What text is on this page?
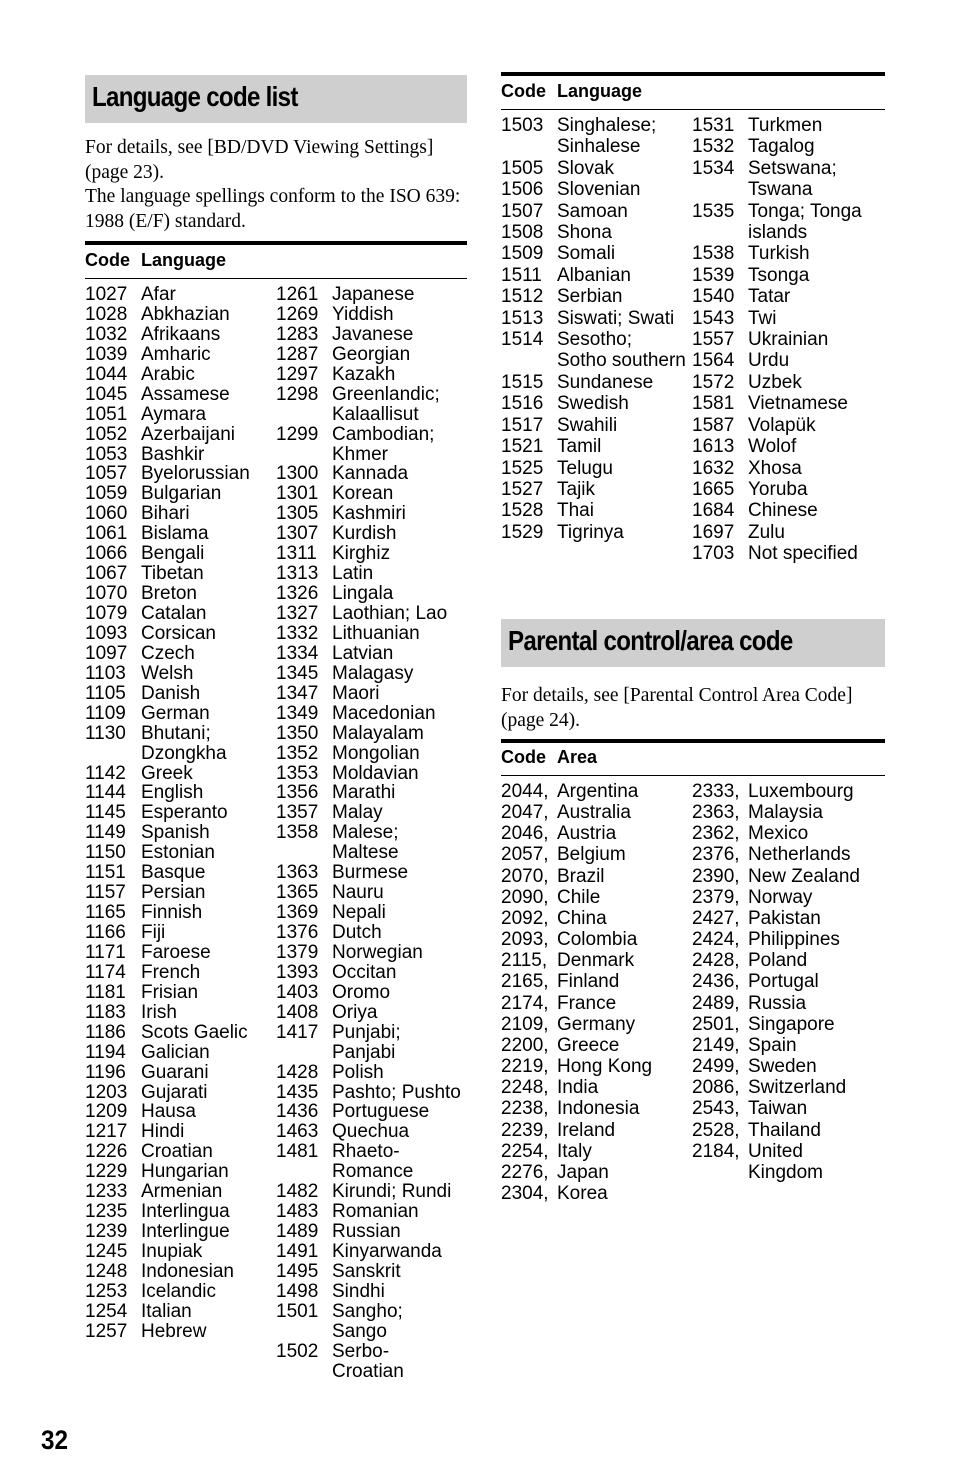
Language code list

For details, see [BD/DVD Viewing Settings] (page 23).

The language spellings conform to the ISO 639: 1988 (E/F) standard.

Code Language
1027 Afar
1028 Abkhazian
1032 Afrikaans
1039 Amharic
1044 Arabic
1045 Assamese
1051 Aymara
1052 Azerbaijani
1053 Bashkir
1057 Byelorussian
1059 Bulgarian
1060 Bihari
1061 Bislama
1066 Bengali
1067 Tibetan
1070 Breton
1079 Catalan
1093 Corsican
1097 Czech
1103 Welsh
1105 Danish
1109 German
1130 Bhutani;
Dzongkha
1142 Greek
1144 English
1145 Esperanto
1149 Spanish
1150 Estonian
1151 Basque
1157 Persian
1165 Finnish
1166 Fiji
1171 Faroese
1174 French
1181 Frisian
1183 Irish
1186 Scots Gaelic
1194 Galician
1196 Guarani
1203 Gujarati
1209 Hausa
1217 Hindi
1226 Croatian
1229 Hungarian
1233 Armenian
1235 Interlingua
1239 Interlingue
1245 Inupiak
1248 Indonesian
1253 Icelandic
1254 Italian
1257 Hebrew
1261 Japanese
1269 Yiddish
1283 Javanese
1287 Georgian
1297 Kazakh
1298 Greenlandic;
Kalaallisut
1299 Cambodian;
Khmer
1300 Kannada
1301 Korean
1305 Kashmiri
1307 Kurdish
1311 Kirghiz
1313 Latin
1326 Lingala
1327 Laothian; Lao
1332 Lithuanian
1334 Latvian
1345 Malagasy
1347 Maori
1349 Macedonian
1350 Malayalam
1352 Mongolian
1353 Moldavian
1356 Marathi
1357 Malay
1358 Malese;
Maltese
1363 Burmese
1365 Nauru
1369 Nepali
1376 Dutch
1379 Norwegian
1393 Occitan
1403 Oromo
1408 Oriya
1417 Punjabi;
Panjabi
1428 Polish
1435 Pashto; Pushto
1436 Portuguese
1463 Quechua
1481 Rhaeto-
Romance
1482 Kirundi; Rundi
1483 Romanian
1489 Russian
1491 Kinyarwanda
1495 Sanskrit
1498 Sindhi
1501 Sangho;
Sango
1502 Serbo-
Croatian
Code Language
1503 Singhalese;
Sinhalese
1505 Slovak
1506 Slovenian
1507 Samoan
1508 Shona
1509 Somali
1511 Albanian
1512 Serbian
1513 Siswati; Swati
1514 Sesotho;
Sotho southern
1515 Sundanese
1516 Swedish
1517 Swahili
1521 Tamil
1525 Telugu
1527 Tajik
1528 Thai
1529 Tigrinya
1531 Turkmen
1532 Tagalog
1534 Setswana;
Tswana
1535 Tonga; Tonga
islands
1538 Turkish
1539 Tsonga
1540 Tatar
1543 Twi
1557 Ukrainian
1564 Urdu
1572 Uzbek
1581 Vietnamese
1587 Volapük
1613 Wolof
1632 Xhosa
1665 Yoruba
1684 Chinese
1697 Zulu
1703 Not specified
Parental control/area code

For details, see [Parental Control Area Code] (page 24).

Code Area
2044, Argentina
2047, Australia
2046, Austria
2057, Belgium
2070, Brazil
2090, Chile
2092, China
2093, Colombia
2115, Denmark
2165, Finland
2174, France
2109, Germany
2200, Greece
2219, Hong Kong
2248, India
2238, Indonesia
2239, Ireland
2254, Italy
2276, Japan
2304, Korea
2333, Luxembourg
2363, Malaysia
2362, Mexico
2376, Netherlands
2390, New Zealand
2379, Norway
2427, Pakistan
2424, Philippines
2428, Poland
2436, Portugal
2489, Russia
2501, Singapore
2149, Spain
2499, Sweden
2086, Switzerland
2543, Taiwan
2528, Thailand
2184, United
Kingdom
32
